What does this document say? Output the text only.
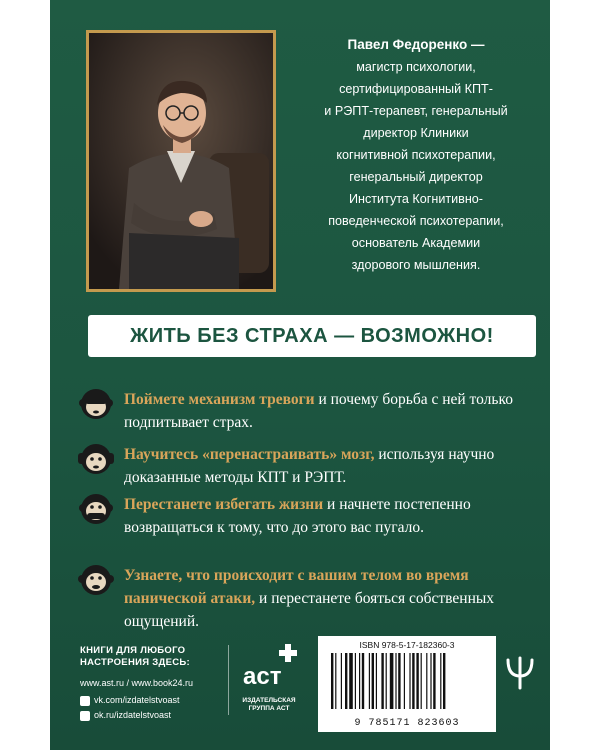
Павел Федоренко —
магистр психологии,
сертифицированный КПТ-
и РЭПТ-терапевт, генеральный
директор Клиники
когнитивной психотерапии,
генеральный директор
Института Когнитивно-
поведенческой психотерапии,
основатель Академии
здорового мышления.
ЖИТЬ БЕЗ СТРАХА — ВОЗМОЖНО!
Поймете механизм тревоги и почему борьба с ней только подпитывает страх.
Научитесь «перенастраивать» мозг, используя научно доказанные методы КПТ и РЭПТ.
Перестанете избегать жизни и начнете постепенно возвращаться к тому, что до этого вас пугало.
Узнаете, что происходит с вашим телом во время панической атаки, и перестанете бояться собственных ощущений.
КНИГИ ДЛЯ ЛЮБОГО
НАСТРОЕНИЯ ЗДЕСЬ:
www.ast.ru / www.book24.ru
vk.com/izdatelstvoast
ok.ru/izdatelstvoast
аст
ИЗДАТЕЛЬСКАЯ
ГРУППА АСТ
ISBN 978-5-17-182360-3
9 785171 823603
